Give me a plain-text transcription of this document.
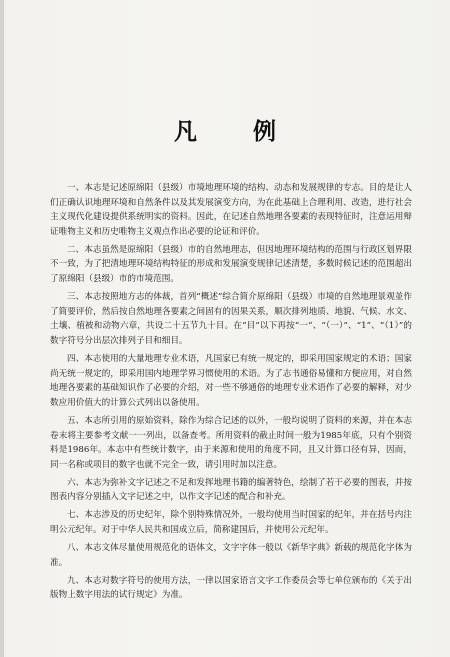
凡 例

一、本志是记述原绵阳（县级）市境地理环境的结构、动态和发展规律的专志。目的是让人们正确认识地理环境和自然条件以及其发展演变方向，为在此基础上合理利用、改造，进行社会主义现代化建设提供系统明实的资料。因此，在记述自然地理各要素的表现特征时，注意运用辩证唯物主义和历史唯物主义观点作出必要的论证和评价。

二、本志虽然是原绵阳（县级）市的自然地理志，但因地理环境结构的范围与行政区划界限不一致，为了把清地理环境结构特征的形成和发展演变规律记述清楚，多数时候记述的范围超出了原绵阳（县级）市的市境范围。

三、本志按照地方志的体裁，首列“概述”综合简介原绵阳（县级）市境的自然地理景观並作了简要评价，然后按自然地理各要素之间固有的因果关系，顺次排列地质、地貌、气候、水文、土壤、植被和动物六章，共设二十五节九十目。在“目”以下再按“一”、“（一）”、“1”、“（1）”的数字符号分出层次排列子目和细目。

四、本志使用的大量地理专业术语，凡国家已有统一规定的，即采用国家规定的术语；国家尚无统一规定的，即采用国内地理学界习惯使用的术语。为了志书通俗易懂和方便应用，对自然地理各要素的基础知识作了必要的介绍，对一些不够通俗的地理专业术语作了必要的解释，对少数应用价值大的计算公式列出以备使用。

五、本志所引用的原始资料，除作为综合记述的以外，一般均说明了资料的来源，并在本志卷末将主要参考文献一一列出，以备查考。所用资料的截止时间一般为1985年底，只有个别资料是1986年。本志中有些统计数字，由于来源和使用的角度不同，且又计算口径有异，因而，同一名称或项目的数字也就不完全一致，请引用时加以注意。

六、本志为弥补文字记述之不足和发挥地理书籍的编著特色，绘制了若干必要的图表，并按图表内容分别插入文字记述之中，以作文字记述的配合和补充。

七、本志涉及的历史纪年，除个别特殊情况外，一般均使用当时国家的纪年，并在括号内注明公元纪年。对于中华人民共和国成立后，简称建国后，并使用公元纪年。

八、本志文体尽量使用规范化的语体文，文字字体一般以《新华字典》新载的规范化字体为准。

九、本志对数字符号的使用方法，一律以国家语言文字工作委员会等七单位颁布的《关于出版物上数字用法的试行规定》为准。
